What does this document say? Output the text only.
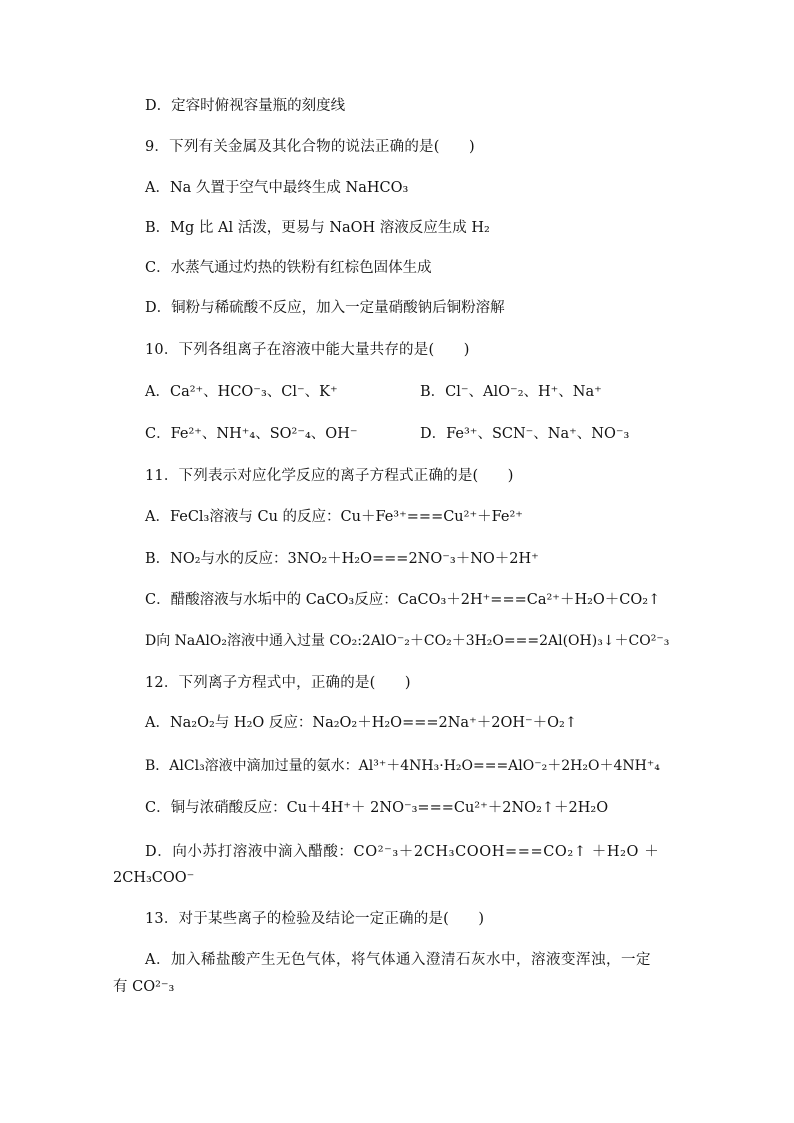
D．定容时俯视容量瓶的刻度线
9．下列有关金属及其化合物的说法正确的是(　　)
A．Na 久置于空气中最终生成 NaHCO₃
B．Mg 比 Al 活泼，更易与 NaOH 溶液反应生成 H₂
C．水蒸气通过灼热的铁粉有红棕色固体生成
D．铜粉与稀硫酸不反应，加入一定量硝酸钠后铜粉溶解
10．下列各组离子在溶液中能大量共存的是(　　)
A．Ca²⁺、HCO⁻₃、Cl⁻、K⁺	B．Cl⁻、AlO⁻₂、H⁺、Na⁺
C．Fe²⁺、NH⁺₄、SO²⁻₄、OH⁻	D．Fe³⁺、SCN⁻、Na⁺、NO⁻₃
11．下列表示对应化学反应的离子方程式正确的是(　　)
A．FeCl₃溶液与 Cu 的反应：Cu＋Fe³⁺===Cu²⁺＋Fe²⁺
B．NO₂与水的反应：3NO₂＋H₂O===2NO⁻₃＋NO＋2H⁺
C．醋酸溶液与水垢中的 CaCO₃反应：CaCO₃＋2H⁺===Ca²⁺＋H₂O＋CO₂↑
D向 NaAlO₂溶液中通入过量 CO₂:2AlO⁻₂＋CO₂＋3H₂O===2Al(OH)₃↓＋CO²⁻₃
12．下列离子方程式中，正确的是(　　)
A．Na₂O₂与 H₂O 反应：Na₂O₂＋H₂O===2Na⁺＋2OH⁻＋O₂↑
B．AlCl₃溶液中滴加过量的氨水：Al³⁺＋4NH₃·H₂O===AlO⁻₂＋2H₂O＋4NH⁺₄
C．铜与浓硝酸反应：Cu＋4H⁺＋ 2NO⁻₃===Cu²⁺＋2NO₂↑＋2H₂O
D．向小苏打溶液中滴入醋酸：CO²⁻₃＋2CH₃COOH===CO₂↑ ＋H₂O ＋
2CH₃COO⁻
13．对于某些离子的检验及结论一定正确的是(　　)
A．加入稀盐酸产生无色气体，将气体通入澄清石灰水中，溶液变浑浊，一定
有 CO²⁻₃
